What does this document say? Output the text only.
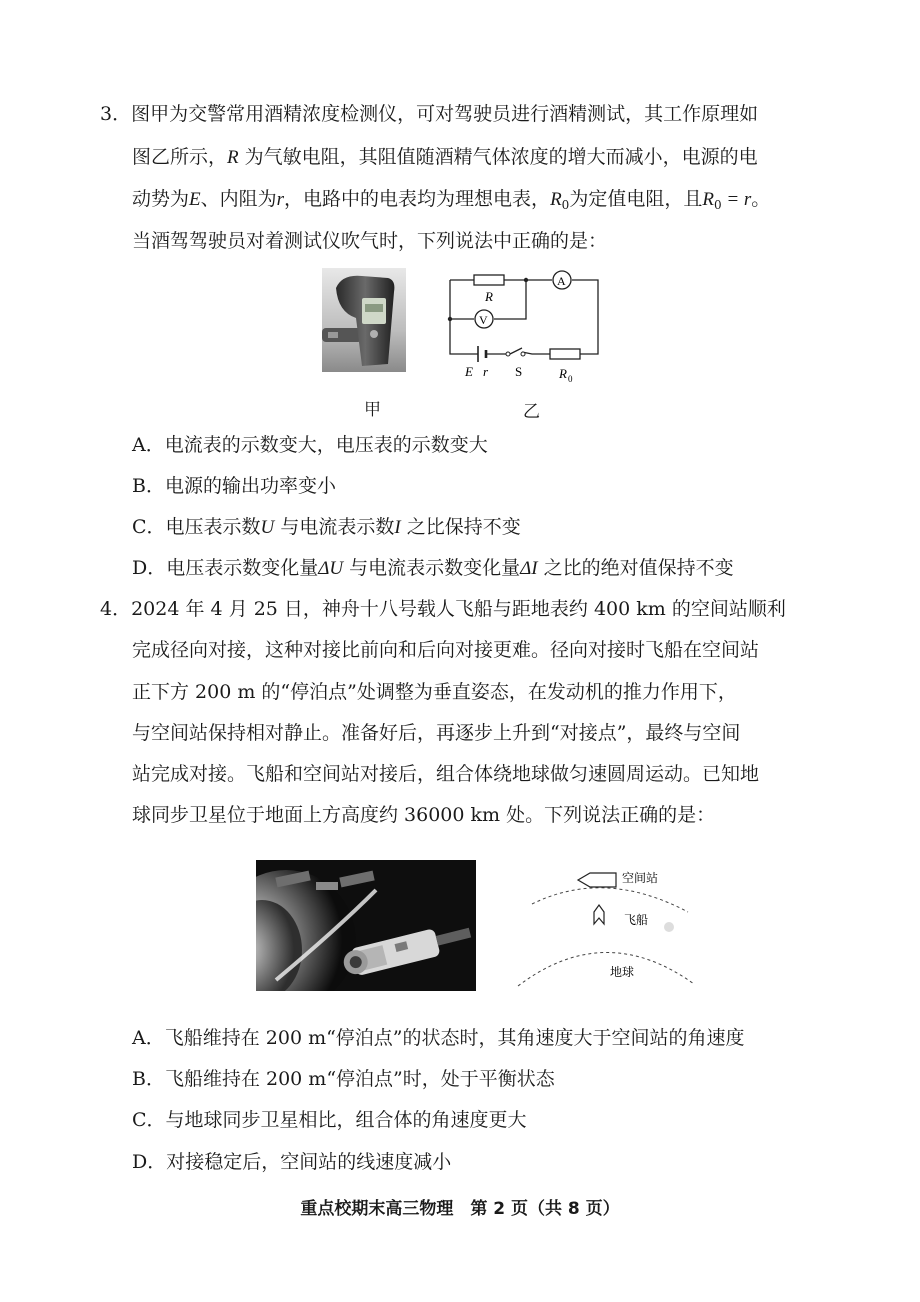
3．图甲为交警常用酒精浓度检测仪，可对驾驶员进行酒精测试，其工作原理如
图乙所示，R 为气敏电阻，其阻值随酒精气体浓度的增大而减小，电源的电
动势为E、内阻为r，电路中的电表均为理想电表，$R_0$为定值电阻，且$R_0 = r$。
当酒驾驾驶员对着测试仪吹气时，下列说法中正确的是：
R
A
V
E r S	R 0
甲	乙
A．电流表的示数变大，电压表的示数变大
B．电源的输出功率变小
C．电压表示数U 与电流表示数I 之比保持不变
D．电压表示数变化量ΔU 与电流表示数变化量ΔI 之比的绝对值保持不变
4．2024 年 4 月 25 日，神舟十八号载人飞船与距地表约 400 km 的空间站顺利
完成径向对接，这种对接比前向和后向对接更难。径向对接时飞船在空间站
正下方 200 m 的“停泊点”处调整为垂直姿态，在发动机的推力作用下，
与空间站保持相对静止。准备好后，再逐步上升到“对接点”，最终与空间
站完成对接。飞船和空间站对接后，组合体绕地球做匀速圆周运动。已知地
球同步卫星位于地面上方高度约 36000 km 处。下列说法正确的是：
空间站
飞船
地球
A．飞船维持在 200 m“停泊点”的状态时，其角速度大于空间站的角速度
B．飞船维持在 200 m“停泊点”时，处于平衡状态
C．与地球同步卫星相比，组合体的角速度更大
D．对接稳定后，空间站的线速度减小
重点校期末高三物理　第 2 页（共 8 页）
